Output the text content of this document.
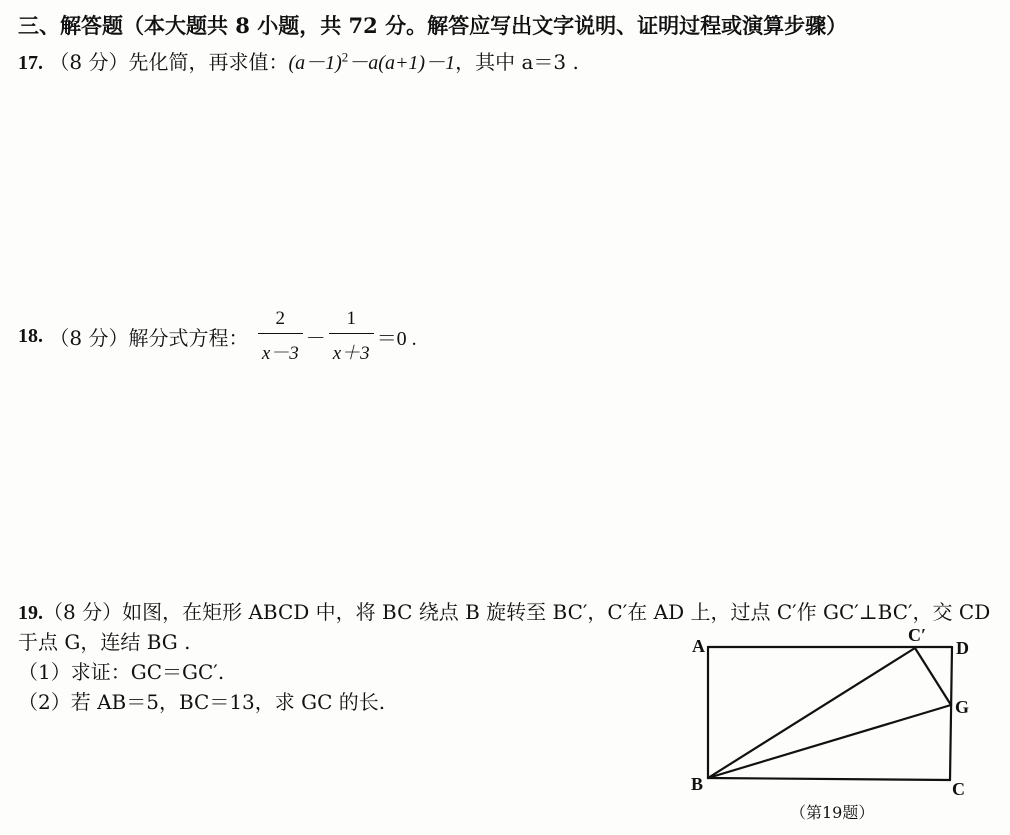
三、解答题（本大题共 8 小题，共 72 分。解答应写出文字说明、证明过程或演算步骤）
17. （8 分）先化简，再求值：$(a-1)^2-a(a+1)-1$，其中 a＝3 .
18. （8 分）解分式方程： $\frac{2}{x-3} - \frac{1}{x+3} =0$ .
19.（8 分）如图，在矩形 ABCD 中，将 BC 绕点 B 旋转至 BC′，C′在 AD 上，过点 C′作 GC′⊥BC′，交 CD
于点 G，连结 BG .
（1）求证：GC＝GC′.
（2）若 AB＝5，BC＝13，求 GC 的长.
A
B	C
D
G
C′
（第19题）
